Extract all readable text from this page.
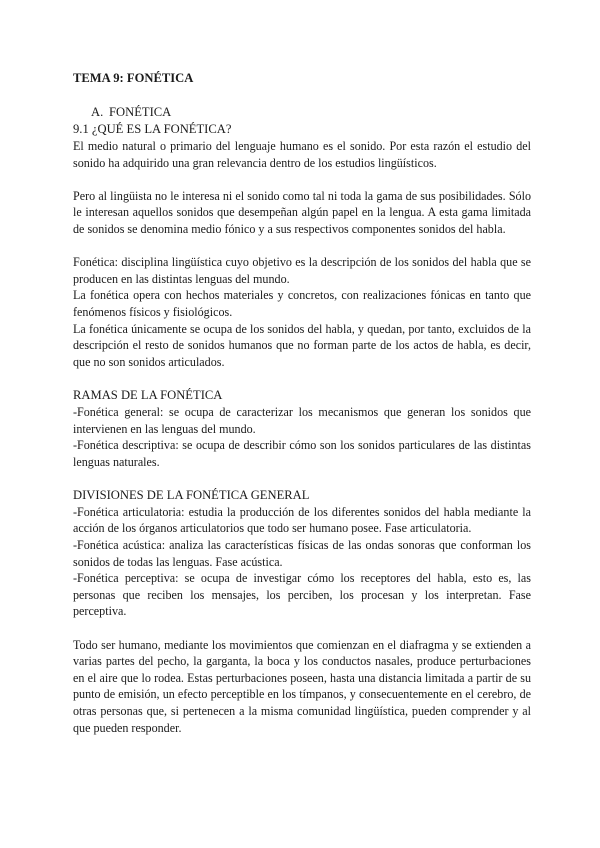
TEMA 9: FONÉTICA
A. FONÉTICA
9.1 ¿QUÉ ES LA FONÉTICA?

El medio natural o primario del lenguaje humano es el sonido. Por esta razón el estudio del sonido ha adquirido una gran relevancia dentro de los estudios lingüísticos.

Pero al lingüista no le interesa ni el sonido como tal ni toda la gama de sus posibilidades. Sólo le interesan aquellos sonidos que desempeñan algún papel en la lengua. A esta gama limitada de sonidos se denomina medio fónico y a sus respectivos componentes sonidos del habla.

Fonética: disciplina lingüística cuyo objetivo es la descripción de los sonidos del habla que se producen en las distintas lenguas del mundo.

La fonética opera con hechos materiales y concretos, con realizaciones fónicas en tanto que fenómenos físicos y fisiológicos.

La fonética únicamente se ocupa de los sonidos del habla, y quedan, por tanto, excluidos de la descripción el resto de sonidos humanos que no forman parte de los actos de habla, es decir, que no son sonidos articulados.

RAMAS DE LA FONÉTICA

-Fonética general: se ocupa de caracterizar los mecanismos que generan los sonidos que intervienen en las lenguas del mundo.

-Fonética descriptiva: se ocupa de describir cómo son los sonidos particulares de las distintas lenguas naturales.

DIVISIONES DE LA FONÉTICA GENERAL

-Fonética articulatoria: estudia la producción de los diferentes sonidos del habla mediante la acción de los órganos articulatorios que todo ser humano posee. Fase articulatoria.

-Fonética acústica: analiza las características físicas de las ondas sonoras que conforman los sonidos de todas las lenguas. Fase acústica.

-Fonética perceptiva: se ocupa de investigar cómo los receptores del habla, esto es, las personas que reciben los mensajes, los perciben, los procesan y los interpretan. Fase perceptiva.

Todo ser humano, mediante los movimientos que comienzan en el diafragma y se extienden a varias partes del pecho, la garganta, la boca y los conductos nasales, produce perturbaciones en el aire que lo rodea. Estas perturbaciones poseen, hasta una distancia limitada a partir de su punto de emisión, un efecto perceptible en los tímpanos, y consecuentemente en el cerebro, de otras personas que, si pertenecen a la misma comunidad lingüística, pueden comprender y al que pueden responder.
